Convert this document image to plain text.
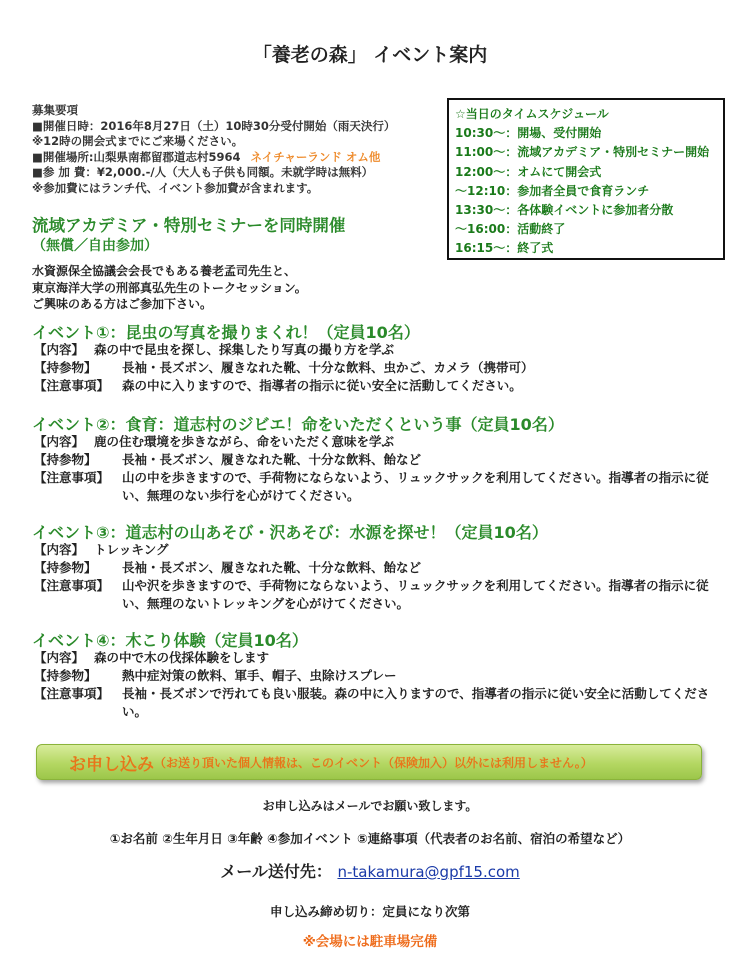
「養老の森」 イベント案内
募集要項
■開催日時：2016年8月27日（土）10時30分受付開始（雨天決行）
※12時の開会式までにご来場ください。
■開催場所:山梨県南都留郡道志村5964 ネイチャーランド オム他
■参 加 費：¥2,000.-/人（大人も子供も同額。未就学時は無料）
※参加費にはランチ代、イベント参加費が含まれます。
☆当日のタイムスケジュール
10:30～：開場、受付開始
11:00～：流域アカデミア・特別セミナー開始
12:00～：オムにて開会式
～12:10：参加者全員で食育ランチ
13:30～：各体験イベントに参加者分散
～16:00：活動終了
16:15～：終了式
流域アカデミア・特別セミナーを同時開催
（無償／自由参加）
水資源保全協議会会長でもある養老孟司先生と、
東京海洋大学の刑部真弘先生のトークセッション。
ご興味のある方はご参加下さい。
イベント①：昆虫の写真を撮りまくれ！（定員10名）
【内容】 森の中で昆虫を探し、採集したり写真の撮り方を学ぶ
【持参物】	長袖・長ズボン、履きなれた靴、十分な飲料、虫かご、カメラ（携帯可）
【注意事項】	森の中に入りますので、指導者の指示に従い安全に活動してください。
イベント②：食育：道志村のジビエ！命をいただくという事（定員10名）
【内容】 鹿の住む環境を歩きながら、命をいただく意味を学ぶ
【持参物】	長袖・長ズボン、履きなれた靴、十分な飲料、飴など
【注意事項】	山の中を歩きますので、手荷物にならないよう、リュックサックを利用してください。指導者の指示に従い、無理のない歩行を心がけてください。
イベント③：道志村の山あそび・沢あそび：水源を探せ！（定員10名）
【内容】 トレッキング
【持参物】	長袖・長ズボン、履きなれた靴、十分な飲料、飴など
【注意事項】	山や沢を歩きますので、手荷物にならないよう、リュックサックを利用してください。指導者の指示に従い、無理のないトレッキングを心がけてください。
イベント④：木こり体験（定員10名）
【内容】 森の中で木の伐採体験をします
【持参物】	熱中症対策の飲料、軍手、帽子、虫除けスプレー
【注意事項】	長袖・長ズボンで汚れても良い服装。森の中に入りますので、指導者の指示に従い安全に活動してください。
お申し込み （お送り頂いた個人情報は、このイベント（保険加入）以外には利用しません。）
お申し込みはメールでお願い致します。
①お名前 ②生年月日 ③年齢 ④参加イベント ⑤連絡事項（代表者のお名前、宿泊の希望など）
メール送付先： n-takamura@gpf15.com
申し込み締め切り：定員になり次第
※会場には駐車場完備
